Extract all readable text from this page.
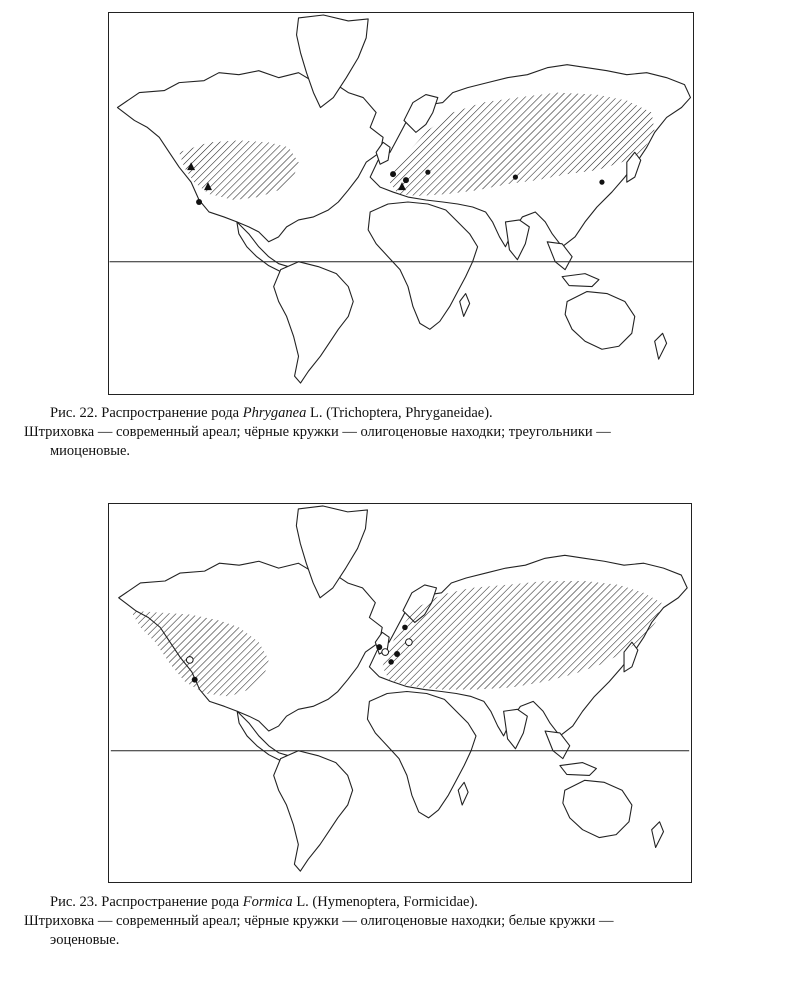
Рис. 22. Распространение рода Phryganea L. (Trichoptera, Phryganeidae).
Штриховка — современный ареал; чёрные кружки — олигоценовые находки; треугольники —
миоценовые.
Рис. 23. Распространение рода Formica L. (Hymenoptera, Formicidae).
Штриховка — современный ареал; чёрные кружки — олигоценовые находки; белые кружки —
эоценовые.
